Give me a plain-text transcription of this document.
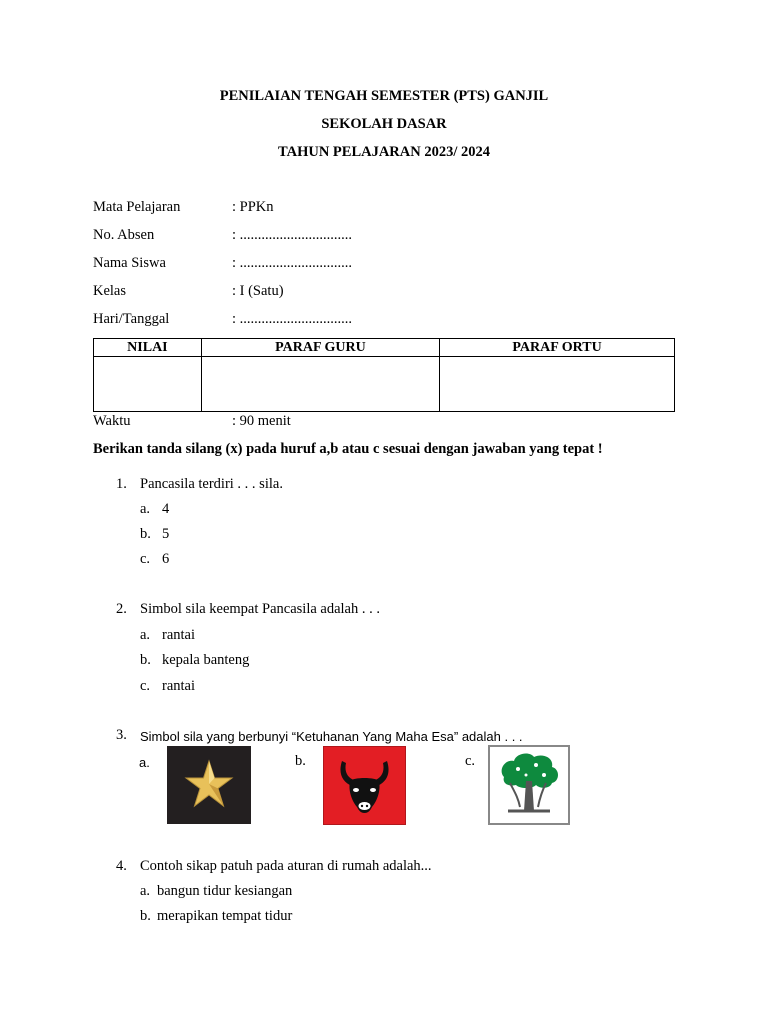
PENILAIAN TENGAH SEMESTER (PTS) GANJIL
SEKOLAH DASAR
TAHUN PELAJARAN 2023/ 2024
Mata Pelajaran	: PPKn
No. Absen	: ...............................
Nama Siswa	: ...............................
Kelas	: I (Satu)
Hari/Tanggal	: ...............................
NILAI	PARAF GURU	PARAF ORTU

Waktu	: 90 menit
Berikan tanda silang (x) pada huruf a,b atau c sesuai dengan jawaban yang tepat !
1. Pancasila terdiri . . . sila.
a. 4
b. 5
c. 6
2. Simbol sila keempat Pancasila adalah . . .
a. rantai
b. kepala banteng
c. rantai
3. Simbol sila yang berbunyi “Ketuhanan Yang Maha Esa” adalah . . .
a.	b.	c.
4. Contoh sikap patuh pada aturan di rumah adalah...
a. bangun tidur kesiangan
b. merapikan tempat tidur
